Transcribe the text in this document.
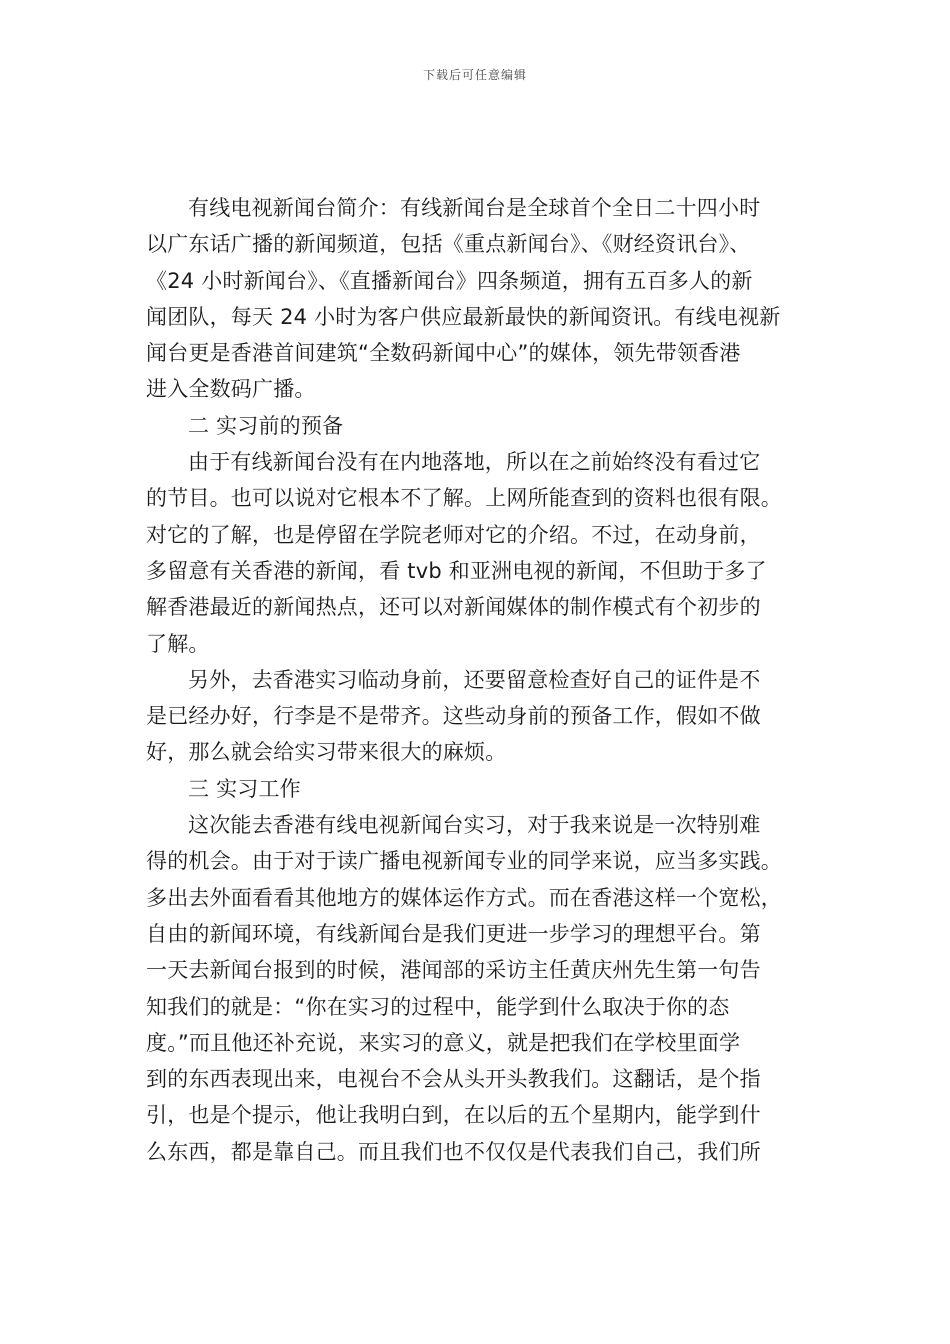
下载后可任意编辑
有线电视新闻台简介：有线新闻台是全球首个全日二十四小时
以广东话广播的新闻频道，包括《重点新闻台》、《财经资讯台》、
《24 小时新闻台》、《直播新闻台》四条频道，拥有五百多人的新
闻团队，每天 24 小时为客户供应最新最快的新闻资讯。有线电视新
闻台更是香港首间建筑“全数码新闻中心”的媒体，领先带领香港
进入全数码广播。
二 实习前的预备
由于有线新闻台没有在内地落地，所以在之前始终没有看过它
的节目。也可以说对它根本不了解。上网所能查到的资料也很有限。
对它的了解，也是停留在学院老师对它的介绍。不过，在动身前，
多留意有关香港的新闻，看 tvb 和亚洲电视的新闻，不但助于多了
解香港最近的新闻热点，还可以对新闻媒体的制作模式有个初步的
了解。
另外，去香港实习临动身前，还要留意检查好自己的证件是不
是已经办好，行李是不是带齐。这些动身前的预备工作，假如不做
好，那么就会给实习带来很大的麻烦。
三 实习工作
这次能去香港有线电视新闻台实习，对于我来说是一次特别难
得的机会。由于对于读广播电视新闻专业的同学来说，应当多实践。
多出去外面看看其他地方的媒体运作方式。而在香港这样一个宽松，
自由的新闻环境，有线新闻台是我们更进一步学习的理想平台。第
一天去新闻台报到的时候，港闻部的采访主任黄庆州先生第一句告
知我们的就是：“你在实习的过程中，能学到什么取决于你的态
度。”而且他还补充说，来实习的意义，就是把我们在学校里面学
到的东西表现出来，电视台不会从头开头教我们。这翻话，是个指
引，也是个提示，他让我明白到，在以后的五个星期内，能学到什
么东西，都是靠自己。而且我们也不仅仅是代表我们自己，我们所
